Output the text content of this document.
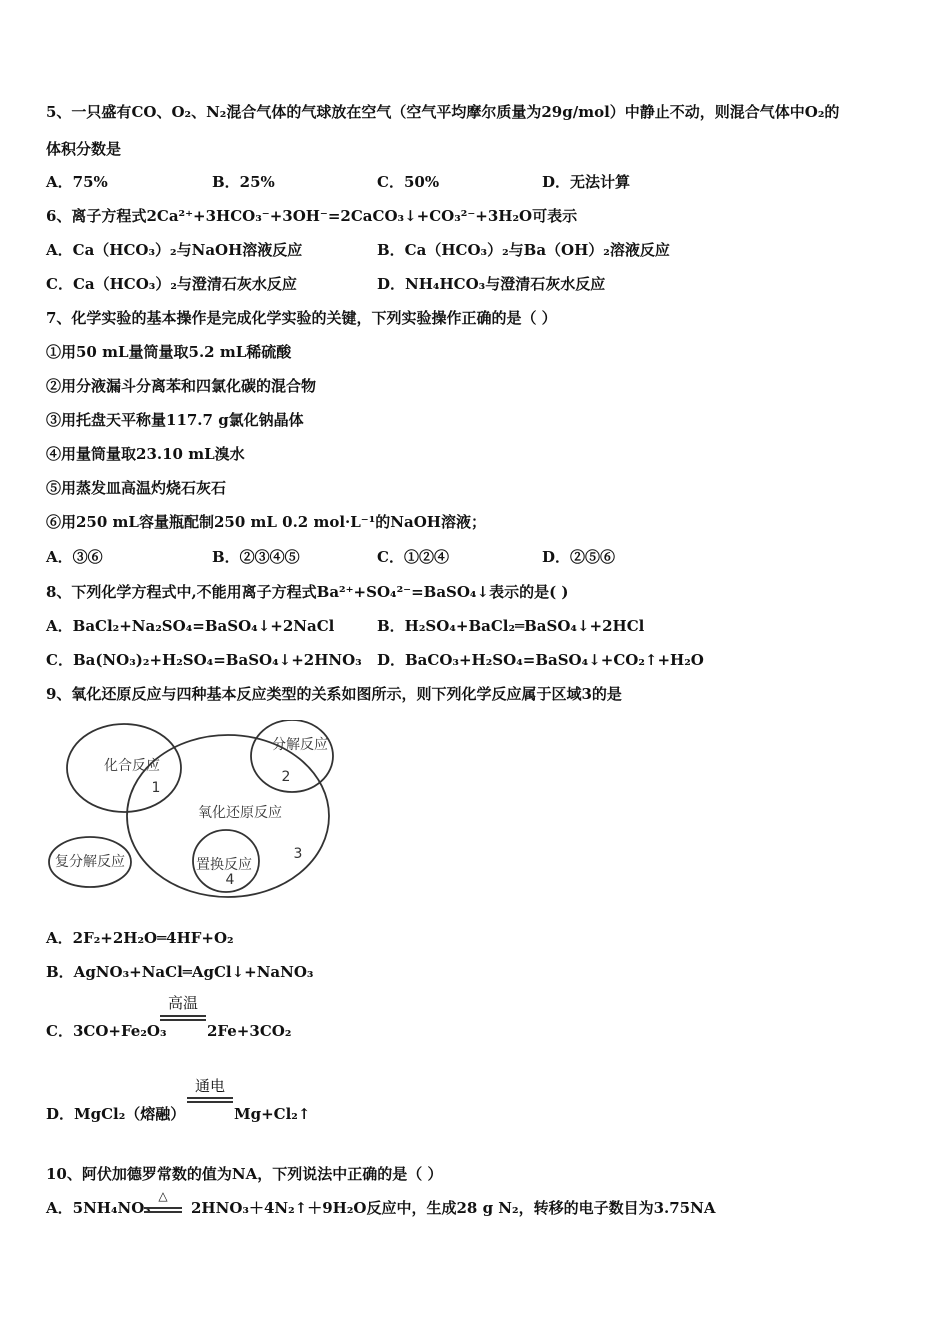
5、一只盛有CO、O₂、N₂混合气体的气球放在空气（空气平均摩尔质量为29g/mol）中静止不动，则混合气体中O₂的
体积分数是
A．75%	B．25%	C．50%	D．无法计算
6、离子方程式2Ca²⁺+3HCO₃⁻+3OH⁻=2CaCO₃↓+CO₃²⁻+3H₂O可表示
A．Ca（HCO₃）₂与NaOH溶液反应	B．Ca（HCO₃）₂与Ba（OH）₂溶液反应
C．Ca（HCO₃）₂与澄清石灰水反应	D．NH₄HCO₃与澄清石灰水反应
7、化学实验的基本操作是完成化学实验的关键，下列实验操作正确的是（ ）
①用50 mL量筒量取5.2 mL稀硫酸
②用分液漏斗分离苯和四氯化碳的混合物
③用托盘天平称量117.7 g氯化钠晶体
④用量筒量取23.10 mL溴水
⑤用蒸发皿高温灼烧石灰石
⑥用250 mL容量瓶配制250 mL 0.2 mol·L⁻¹的NaOH溶液；
A．③⑥	B．②③④⑤	C．①②④	D．②⑤⑥
8、下列化学方程式中,不能用离子方程式Ba²⁺+SO₄²⁻=BaSO₄↓表示的是( )
A．BaCl₂+Na₂SO₄=BaSO₄↓+2NaCl	B．H₂SO₄+BaCl₂═BaSO₄↓+2HCl
C．Ba(NO₃)₂+H₂SO₄=BaSO₄↓+2HNO₃ D．BaCO₃+H₂SO₄=BaSO₄↓+CO₂↑+H₂O
9、氧化还原反应与四种基本反应类型的关系如图所示，则下列化学反应属于区域3的是
化合反应
分解反应
氧化还原反应
复分解反应	置换反应
1
2
3
4
A．2F₂+2H₂O═4HF+O₂
B．AgNO₃+NaCl═AgCl↓+NaNO₃
C．3CO+Fe₂O₃
高温
2Fe+3CO₂
D．MgCl₂（熔融）
通电
Mg+Cl₂↑
10、阿伏加德罗常数的值为NA，下列说法中正确的是（ ）
A．5NH₄NO₃
△
2HNO₃＋4N₂↑＋9H₂O反应中，生成28 g N₂，转移的电子数目为3.75NA
